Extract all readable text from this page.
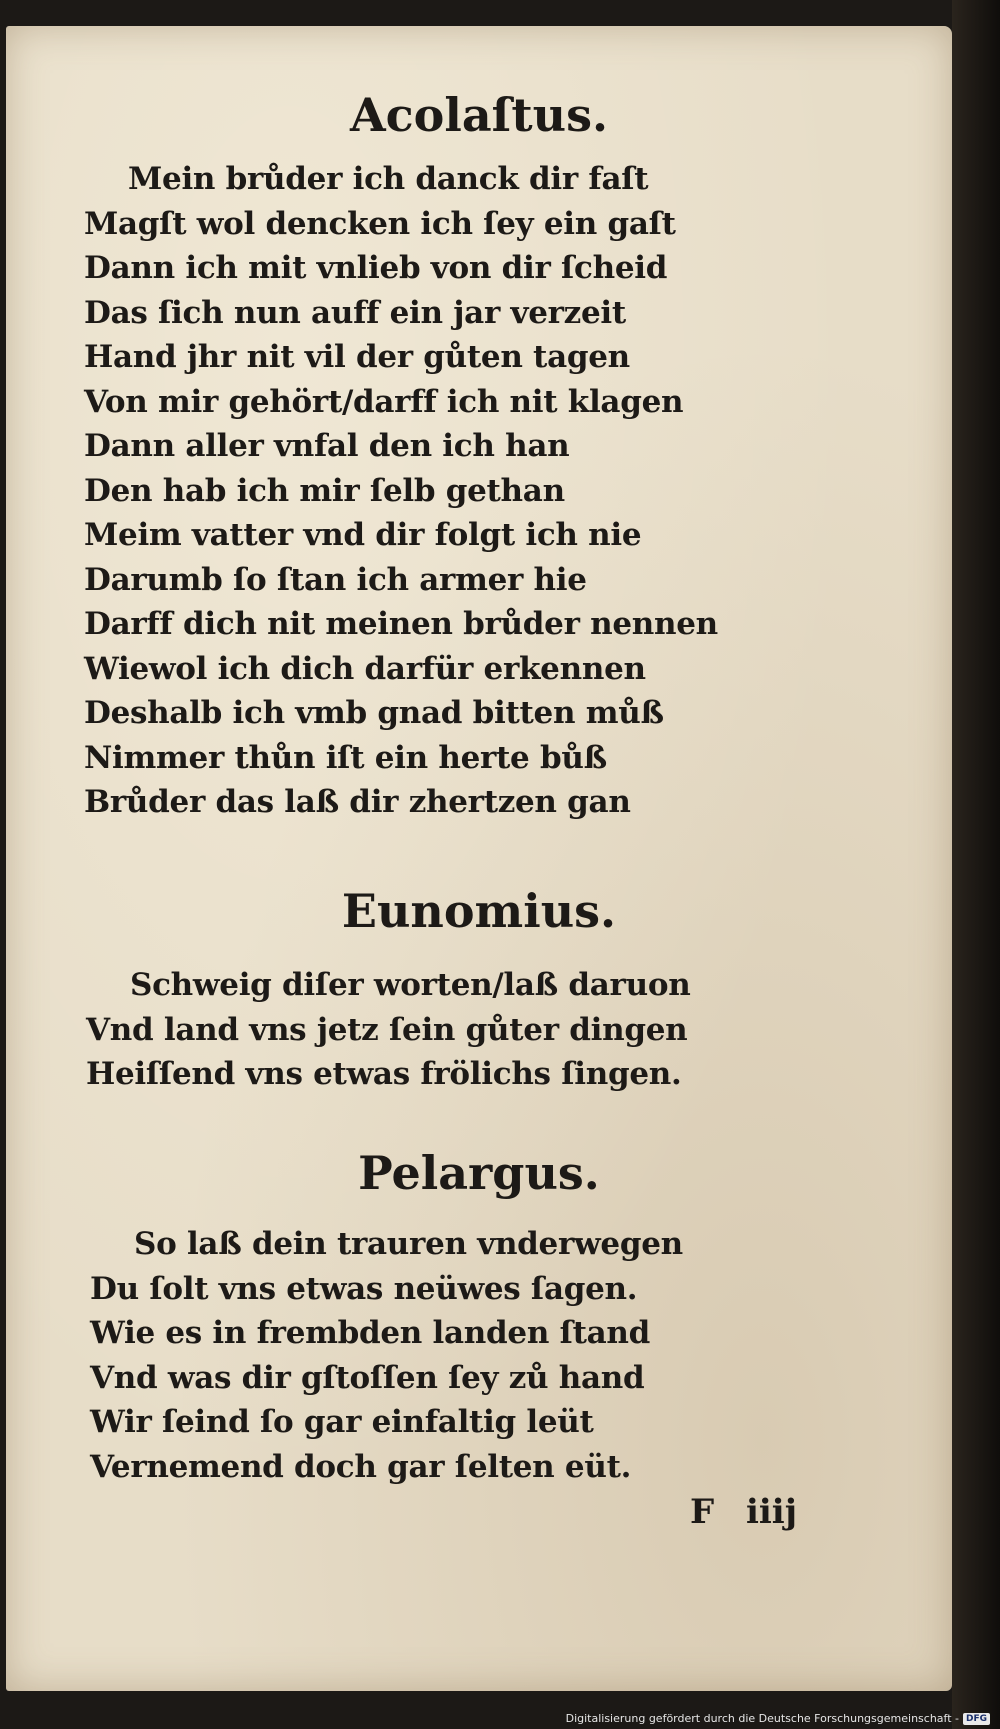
Acolaſtus.
Mein brůder ich danck dir faſt
Magſt wol dencken ich ſey ein gaſt
Dann ich mit vnlieb von dir ſcheid
Das ſich nun auff ein jar verzeit
Hand jhr nit vil der gůten tagen
Von mir gehört/darff ich nit klagen
Dann aller vnfal den ich han
Den hab ich mir ſelb gethan
Meim vatter vnd dir folgt ich nie
Darumb ſo ſtan ich armer hie
Darff dich nit meinen brůder nennen
Wiewol ich dich darfür erkennen
Deshalb ich vmb gnad bitten můß
Nimmer thůn iſt ein herte bůß
Brůder das laß dir zhertzen gan
Eunomius.
Schweig diſer worten/laß daruon
Vnd land vns jetz ſein gůter dingen
Heiſſend vns etwas frölichs ſingen.
Pelargus.
So laß dein trauren vnderwegen
Du ſolt vns etwas neüwes ſagen.
Wie es in frembden landen ſtand
Vnd was dir gſtoſſen ſey zů hand
Wir ſeind ſo gar einfaltig leüt
Vernemend doch gar ſelten eüt.
F iiij
Digitalisierung gefördert durch die Deutsche Forschungsgemeinschaft - DFG
